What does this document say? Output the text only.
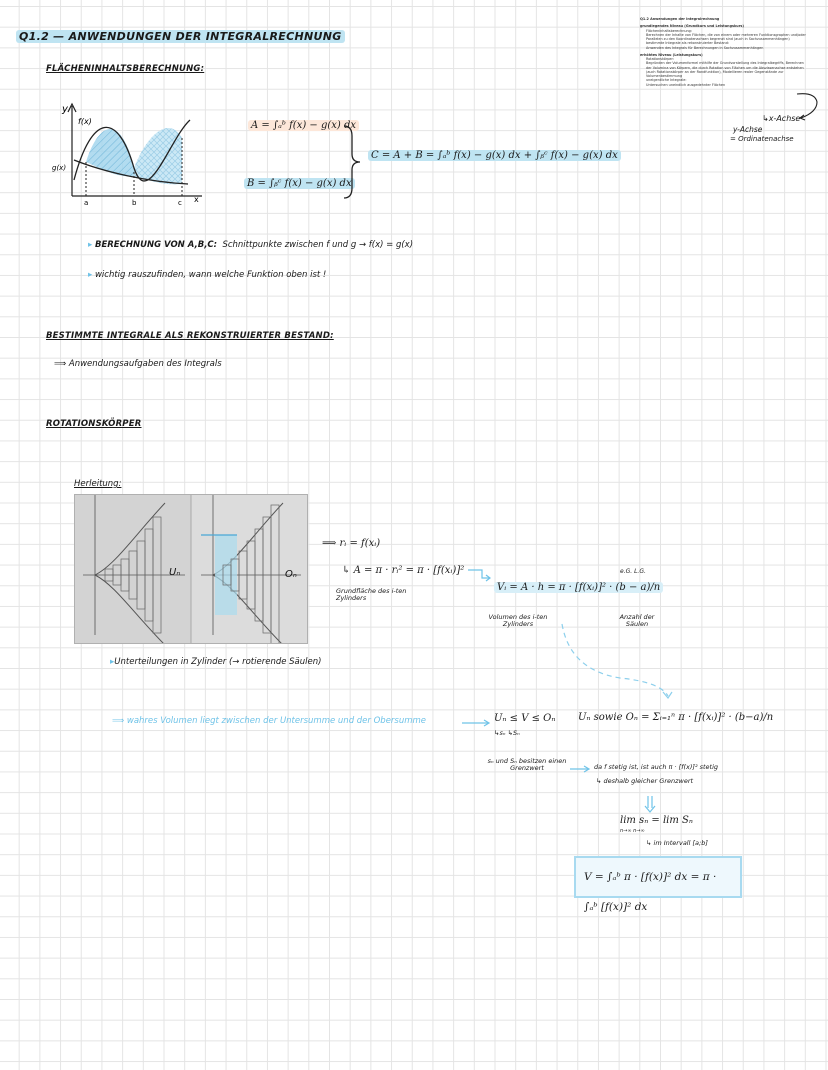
Q1.2 — ANWENDUNGEN DER INTEGRALRECHNUNG
Q1.2 Anwendungen der Integralrechnung
grundlegendes Niveau (Grundkurs und Leistungskurs)
Flächeninhaltsberechnung:
Berechnen der Inhalte von Flächen, die von einem oder mehreren Funktionsgraphen und/oder Parallelen zu den Koordinatenachsen begrenzt sind (auch in Sachzusammenhängen)
bestimmte Integrale als rekonstruierter Bestand:
Anwenden des Integrals für Berechnungen in Sachzusammenhängen
erhöhtes Niveau (Leistungskurs)
Rotationskörper:
Begründen der Volumenformel mithilfe der Grundvorstellung des Integralbegriffs, Berechnen der Volumina von Körpern, die durch Rotation von Flächen um die Abszissenachse entstehen (auch Rotationskörper an der Randfunktion), Modellieren realer Gegenstände zur Volumenbestimmung
uneigentliche Integrale:
Untersuchen uneindlich ausgedehnter Flächen
↳x-Achse
y-Achse
= Ordinatenachse
FLÄCHENINHALTSBERECHNUNG:
y
f(x)
g(x)
a	b	c x
A = ∫ₐᵇ f(x) − g(x) dx
B = ∫ᵦᶜ f(x) − g(x) dx
C = A + B = ∫ₐᵇ f(x) − g(x) dx + ∫ᵦᶜ f(x) − g(x) dx
▸ BERECHNUNG VON A,B,C: Schnittpunkte zwischen f und g → f(x) = g(x)
▸ wichtig rauszufinden, wann welche Funktion oben ist !
BESTIMMTE INTEGRALE ALS REKONSTRUIERTER BESTAND:
⟹ Anwendungsaufgaben des Integrals
ROTATIONSKÖRPER
Herleitung:
Uₙ	Oₙ
⟹ rᵢ = f(xᵢ)
↳ A = π · rᵢ² = π · [f(xᵢ)]²
Grundfläche des i-ten Zylinders
e.G. L.G.
Vᵢ = A · h = π · [f(xᵢ)]² · (b − a)/n
Volumen des i-ten Zylinders
Anzahl der Säulen
▸Unterteilungen in Zylinder (→ rotierende Säulen)
⟹ wahres Volumen liegt zwischen der Untersumme und der Obersumme	Uₙ ≤ V ≤ Oₙ
↳sₙ ↳Sₙ
Uₙ sowie Oₙ = Σᵢ₌₁ⁿ π · [f(xᵢ)]² · (b−a)/n
sₙ und Sₙ besitzen einen Grenzwert	da f stetig ist, ist auch π · [f(x)]² stetig
↳ deshalb gleicher Grenzwert
lim sₙ = lim Sₙ
n→∞ n→∞
↳ im Intervall [a;b]
V = ∫ₐᵇ π · [f(x)]² dx = π · ∫ₐᵇ [f(x)]² dx
